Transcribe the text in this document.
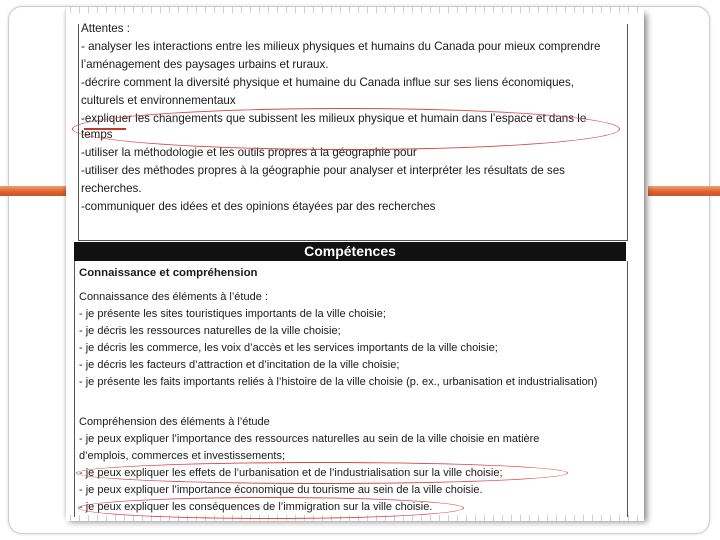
Attentes :
- analyser les interactions entre les milieux physiques et humains du Canada pour mieux comprendre
l’aménagement des paysages urbains et ruraux.
-décrire comment la diversité physique et humaine du Canada influe sur ses liens économiques,
culturels et environnementaux
-expliquer les changements que subissent les milieux physique et humain dans l’espace et dans le
temps
-utiliser la méthodologie et les outils propres à la géographie pour
-utiliser des méthodes propres à la géographie pour analyser et interpréter les résultats de ses
recherches.
-communiquer des idées et des opinions étayées par des recherches
Compétences
Connaissance et compréhension
Connaissance des éléments à l’étude :
- je présente les sites touristiques importants de la ville choisie;
- je décris les ressources naturelles de la ville choisie;
- je décris les commerce, les voix d’accès et les services importants de la ville choisie;
- je décris les facteurs d’attraction et d’incitation de la ville choisie;
- je présente les faits importants reliés à l’histoire de la ville choisie (p. ex., urbanisation et industrialisation)
Compréhension des éléments à l’étude
- je peux expliquer l’importance des ressources naturelles au sein de la ville choisie en matière
d’emplois, commerces et investissements;
- je peux expliquer les effets de l’urbanisation et de l’industrialisation sur la ville choisie;
- je peux expliquer l’importance économique du tourisme au sein de la ville choisie.
- je peux expliquer les conséquences de l’immigration sur la ville choisie.
